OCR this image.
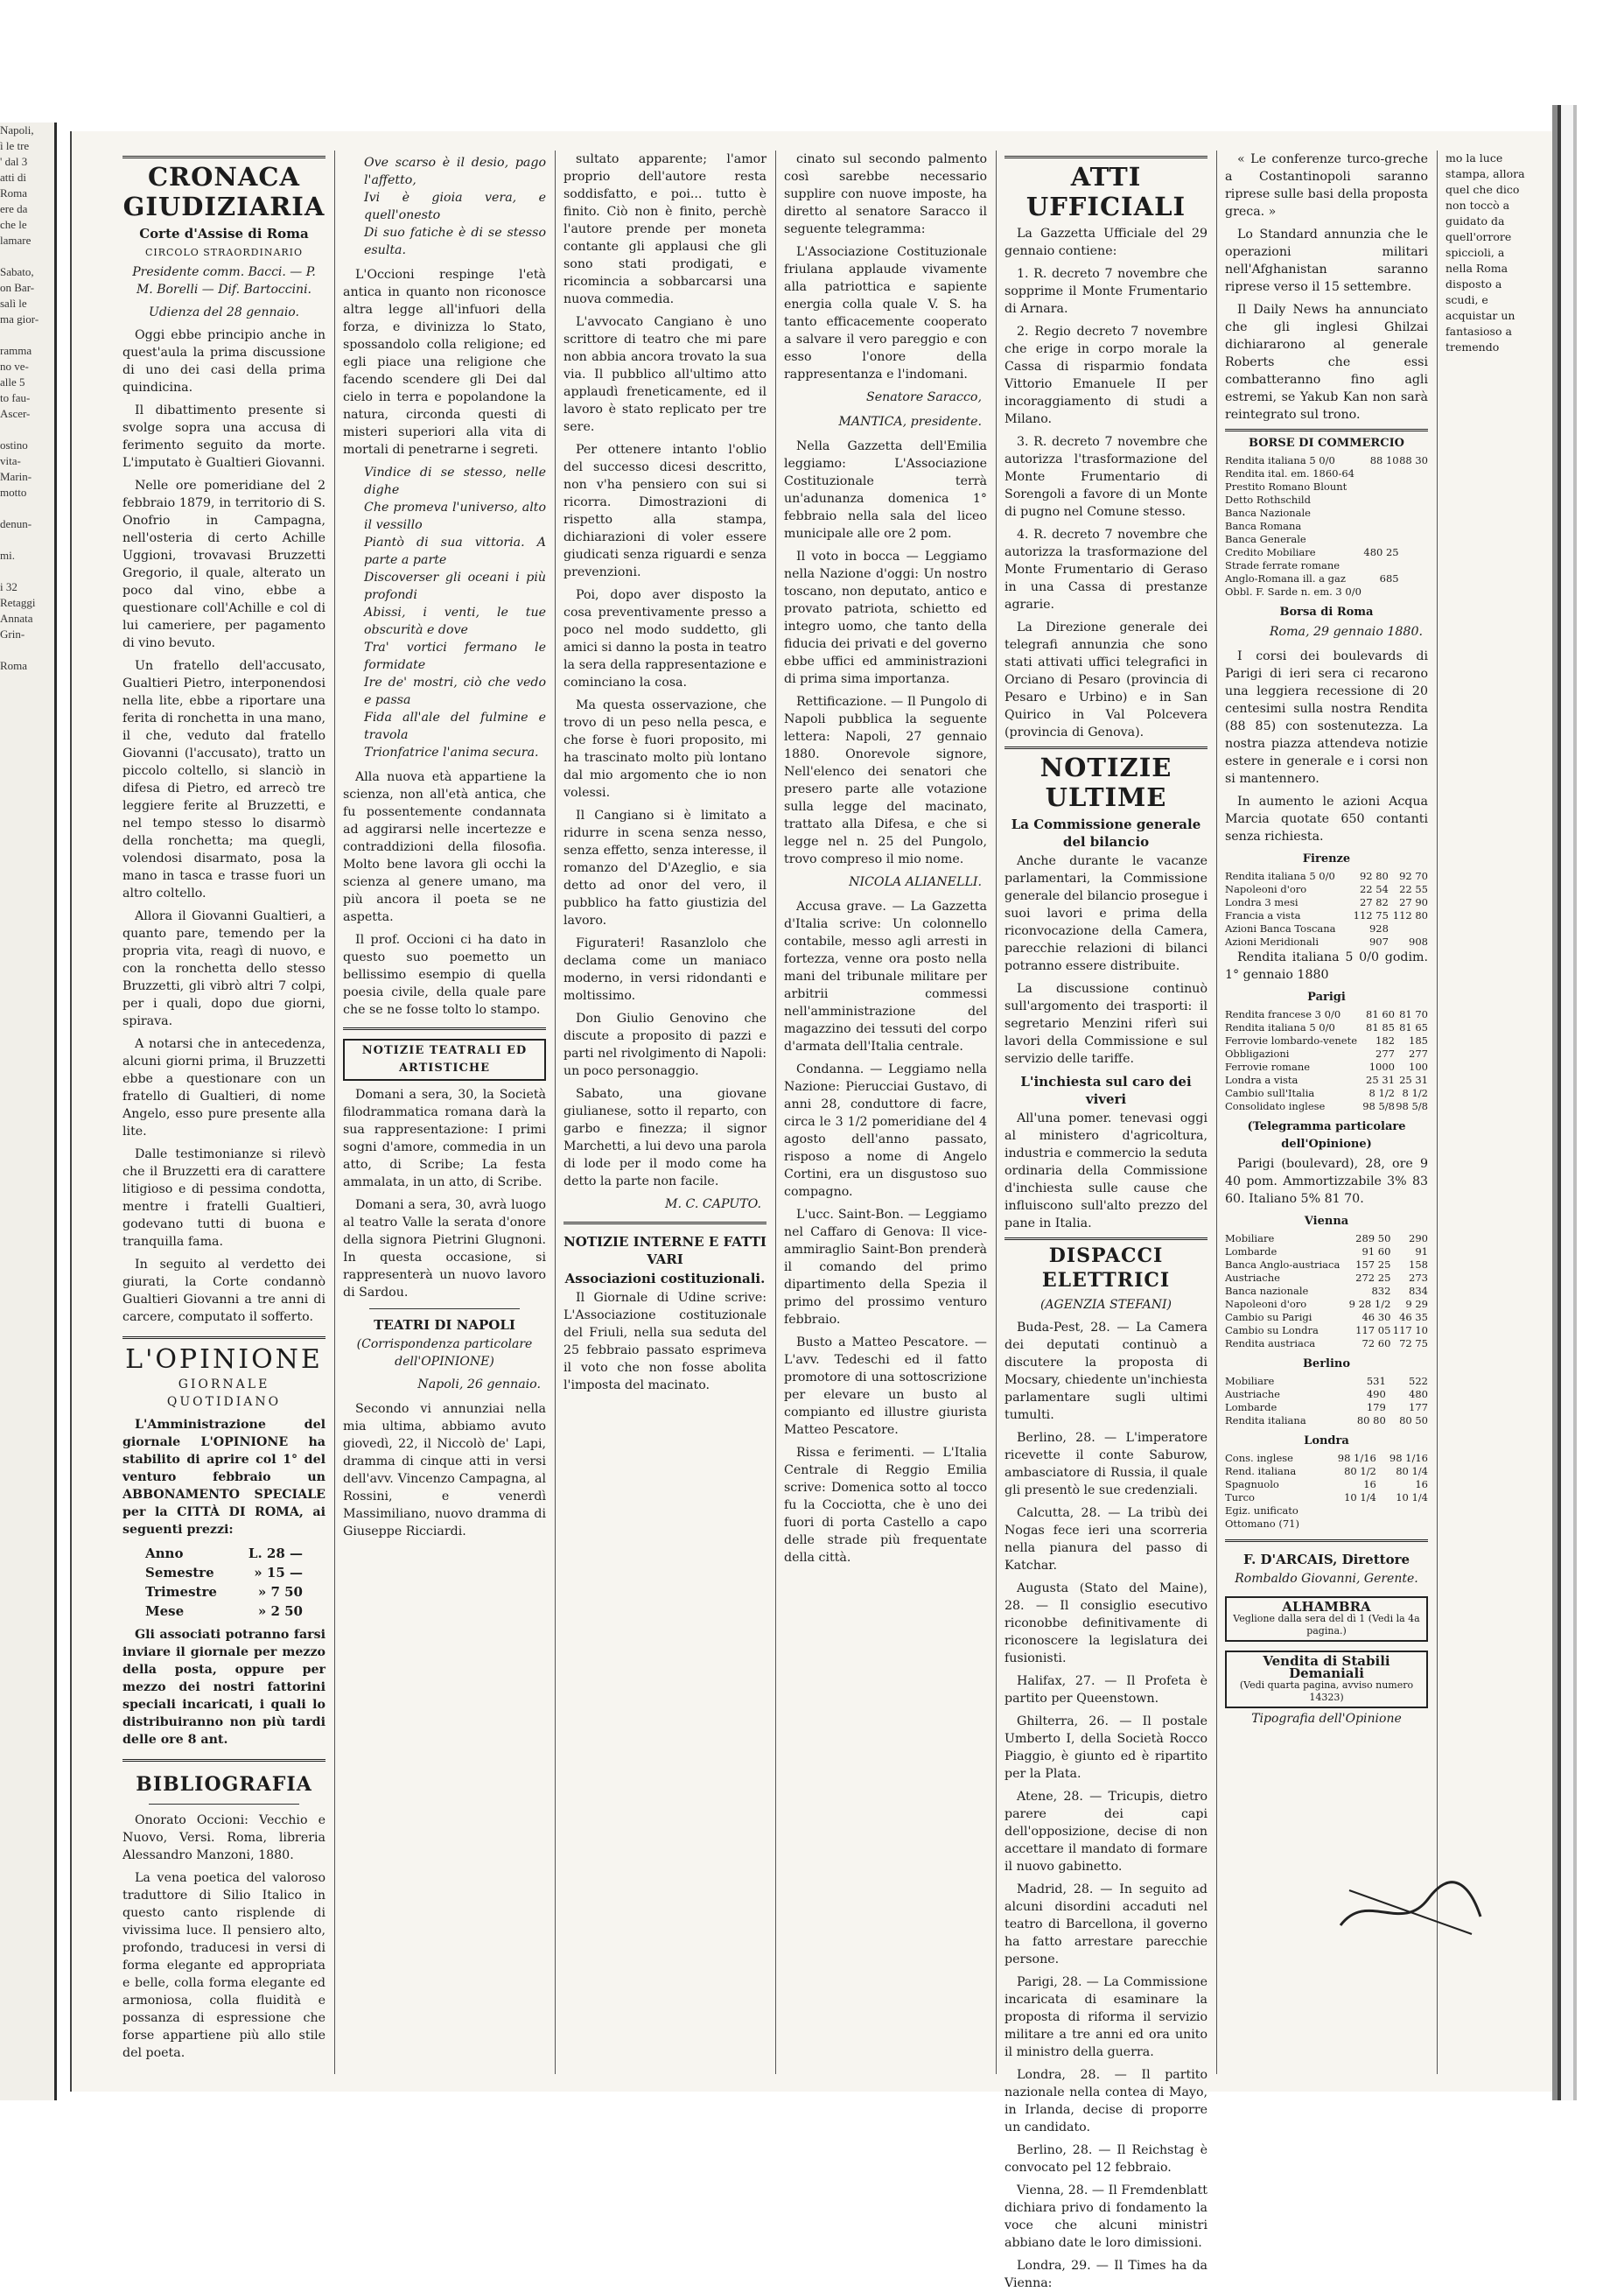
Napoli,
ì le tre
' dal 3
atti di
Roma
ere da
che le
lamare

Sabato,
on Bar-
salì le
ma gior-

ramma
no ve-
alle 5
to fau-
Ascer-

ostino
vita-
Marin-
motto

denun-

mi.

i 32
Retaggi
Annata
Grin-

Roma
CRONACA GIUDIZIARIA
Corte d'Assise di Roma
CIRCOLO STRAORDINARIO
Presidente comm. Bacci. — P. M. Borelli — Dif. Bartoccini.
Udienza del 28 gennaio.

Oggi ebbe principio anche in quest'aula la prima discussione di uno dei casi della prima quindicina.

Il dibattimento presente si svolge sopra una accusa di ferimento seguito da morte. L'imputato è Gualtieri Giovanni.

Nelle ore pomeridiane del 2 febbraio 1879, in territorio di S. Onofrio in Campagna, nell'osteria di certo Achille Uggioni, trovavasi Bruzzetti Gregorio, il quale, alterato un poco dal vino, ebbe a questionare coll'Achille e col di lui cameriere, per pagamento di vino bevuto.

Un fratello dell'accusato, Gualtieri Pietro, interponendosi nella lite, ebbe a riportare una ferita di ronchetta in una mano, il che, veduto dal fratello Giovanni (l'accusato), tratto un piccolo coltello, si slanciò in difesa di Pietro, ed arrecò tre leggiere ferite al Bruzzetti, e nel tempo stesso lo disarmò della ronchetta; ma quegli, volendosi disarmato, posa la mano in tasca e trasse fuori un altro coltello.

Allora il Giovanni Gualtieri, a quanto pare, temendo per la propria vita, reagì di nuovo, e con la ronchetta dello stesso Bruzzetti, gli vibrò altri 7 colpi, per i quali, dopo due giorni, spirava.

A notarsi che in antecedenza, alcuni giorni prima, il Bruzzetti ebbe a questionare con un fratello di Gualtieri, di nome Angelo, esso pure presente alla lite.

Dalle testimonianze si rilevò che il Bruzzetti era di carattere litigioso e di pessima condotta, mentre i fratelli Gualtieri, godevano tutti di buona e tranquilla fama.

In seguito al verdetto dei giurati, la Corte condannò Gualtieri Giovanni a tre anni di carcere, computato il sofferto.

L'OPINIONE
GIORNALE QUOTIDIANO

L'Amministrazione del giornale L'OPINIONE ha stabilito di aprire col 1° del venturo febbraio un ABBONAMENTO SPECIALE per la CITTÀ DI ROMA, ai seguenti prezzi:

Anno	L. 28 —
Semestre	» 15 —
Trimestre	» 7 50
Mese	» 2 50

Gli associati potranno farsi inviare il giornale per mezzo della posta, oppure per mezzo dei nostri fattorini speciali incaricati, i quali lo distribuiranno non più tardi delle ore 8 ant.

BIBLIOGRAFIA

Onorato Occioni: Vecchio e Nuovo, Versi. Roma, libreria Alessandro Manzoni, 1880.

La vena poetica del valoroso traduttore di Silio Italico in questo canto risplende di vivissima luce. Il pensiero alto, profondo, traducesi in versi di forma elegante ed appropriata e belle, colla forma elegante ed armoniosa, colla fluidità e possanza di espressione che forse appartiene più allo stile del poeta.

Ove scarso è il desio, pago l'affetto,
Ivi è gioia vera, e quell'onesto
Di suo fatiche è di se stesso esulta.

L'Occioni respinge l'età antica in quanto non riconosce altra legge all'infuori della forza, e divinizza lo Stato, spossandolo colla religione; ed egli piace una religione che facendo scendere gli Dei dal cielo in terra e popolandone la natura, circonda questi di misteri superiori alla vita di mortali di penetrarne i segreti.

Vindice di se stesso, nelle dighe
Che promeva l'universo, alto il vessillo
Piantò di sua vittoria. A parte a parte
Discoverser gli oceani i più profondi
Abissi, i venti, le tue obscurità e dove
Tra' vortici fermano le formidate
Ire de' mostri, ciò che vedo e passa
Fida all'ale del fulmine e travola
Trionfatrice l'anima secura.

Alla nuova età appartiene la scienza, non all'età antica, che fu possentemente condannata ad aggirarsi nelle incertezze e contraddizioni della filosofia. Molto bene lavora gli occhi la scienza al genere umano, ma più ancora il poeta se ne aspetta.

Il prof. Occioni ci ha dato in questo suo poemetto un bellissimo esempio di quella poesia civile, della quale pare che se ne fosse tolto lo stampo.

NOTIZIE TEATRALI ED ARTISTICHE

Domani a sera, 30, la Società filodrammatica romana darà la sua rappresentazione: I primi sogni d'amore, commedia in un atto, di Scribe; La festa ammalata, in un atto, di Scribe.

Domani a sera, 30, avrà luogo al teatro Valle la serata d'onore della signora Pietrini Glugnoni. In questa occasione, si rappresenterà un nuovo lavoro di Sardou.

TEATRI DI NAPOLI
(Corrispondenza particolare dell'OPINIONE)
Napoli, 26 gennaio.

Secondo vi annunziai nella mia ultima, abbiamo avuto giovedì, 22, il Niccolò de' Lapi, dramma di cinque atti in versi dell'avv. Vincenzo Campagna, al Rossini, e venerdì Massimiliano, nuovo dramma di Giuseppe Ricciardi.

sultato apparente; l'amor proprio dell'autore resta soddisfatto, e poi... tutto è finito. Ciò non è finito, perchè l'autore prende per moneta contante gli applausi che gli sono stati prodigati, e ricomincia a sobbarcarsi una nuova commedia.

L'avvocato Cangiano è uno scrittore di teatro che mi pare non abbia ancora trovato la sua via. Il pubblico all'ultimo atto applaudì freneticamente, ed il lavoro è stato replicato per tre sere.

Per ottenere intanto l'oblio del successo dicesi descritto, non v'ha pensiero con sui si ricorra. Dimostrazioni di rispetto alla stampa, dichiarazioni di voler essere giudicati senza riguardi e senza prevenzioni.

Poi, dopo aver disposto la cosa preventivamente presso a poco nel modo suddetto, gli amici si danno la posta in teatro la sera della rappresentazione e cominciano la cosa.

Ma questa osservazione, che trovo di un peso nella pesca, e che forse è fuori proposito, mi ha trascinato molto più lontano dal mio argomento che io non volessi.

Il Cangiano si è limitato a ridurre in scena senza nesso, senza effetto, senza interesse, il romanzo del D'Azeglio, e sia detto ad onor del vero, il pubblico ha fatto giustizia del lavoro.

Figurateri! Rasanzlolo che declama come un maniaco moderno, in versi ridondanti e moltissimo.

Don Giulio Genovino che discute a proposito di pazzi e parti nel rivolgimento di Napoli: un poco personaggio.

Sabato, una giovane giulianese, sotto il reparto, con garbo e finezza; il signor Marchetti, a lui devo una parola di lode per il modo come ha detto la parte non facile.

M. C. CAPUTO.
NOTIZIE INTERNE E FATTI VARI
Associazioni costituzionali.

Il Giornale di Udine scrive: L'Associazione costituzionale del Friuli, nella sua seduta del 25 febbraio passato esprimeva il voto che non fosse abolita l'imposta del macinato.

cinato sul secondo palmento così sarebbe necessario supplire con nuove imposte, ha diretto al senatore Saracco il seguente telegramma:

L'Associazione Costituzionale friulana applaude vivamente alla patriottica e sapiente energia colla quale V. S. ha tanto efficacemente cooperato a salvare il vero pareggio e con esso l'onore della rappresentanza e l'indomani.

Senatore Saracco,
MANTICA, presidente.

Nella Gazzetta dell'Emilia leggiamo: L'Associazione Costituzionale terrà un'adunanza domenica 1° febbraio nella sala del liceo municipale alle ore 2 pom.

Il voto in bocca — Leggiamo nella Nazione d'oggi: Un nostro toscano, non deputato, antico e provato patriota, schietto ed integro uomo, che tanto della fiducia dei privati e del governo ebbe uffici ed amministrazioni di prima sima importanza.

Rettificazione. — Il Pungolo di Napoli pubblica la seguente lettera: Napoli, 27 gennaio 1880. Onorevole signore, Nell'elenco dei senatori che presero parte alle votazione sulla legge del macinato, trattato alla Difesa, e che si legge nel n. 25 del Pungolo, trovo compreso il mio nome.

NICOLA ALIANELLI.

Accusa grave. — La Gazzetta d'Italia scrive: Un colonnello contabile, messo agli arresti in fortezza, venne ora posto nella mani del tribunale militare per arbitrii commessi nell'amministrazione del magazzino dei tessuti del corpo d'armata dell'Italia centrale.

Condanna. — Leggiamo nella Nazione: Pierucciai Gustavo, di anni 28, conduttore di facre, circa le 3 1/2 pomeridiane del 4 agosto dell'anno passato, risposo a nome di Angelo Cortini, era un disgustoso suo compagno.

L'ucc. Saint-Bon. — Leggiamo nel Caffaro di Genova: Il vice-ammiraglio Saint-Bon prenderà il comando del primo dipartimento della Spezia il primo del prossimo venturo febbraio.

Busto a Matteo Pescatore. — L'avv. Tedeschi ed il fatto promotore di una sottoscrizione per elevare un busto al compianto ed illustre giurista Matteo Pescatore.

Rissa e ferimenti. — L'Italia Centrale di Reggio Emilia scrive: Domenica sotto al tocco fu la Cocciotta, che è uno dei fuori di porta Castello a capo delle strade più frequentate della città.

ATTI UFFICIALI

La Gazzetta Ufficiale del 29 gennaio contiene:

1. R. decreto 7 novembre che sopprime il Monte Frumentario di Arnara.

2. Regio decreto 7 novembre che erige in corpo morale la Cassa di risparmio fondata Vittorio Emanuele II per incoraggiamento di studi a Milano.

3. R. decreto 7 novembre che autorizza l'trasformazione del Monte Frumentario di Sorengoli a favore di un Monte di pugno nel Comune stesso.

4. R. decreto 7 novembre che autorizza la trasformazione del Monte Frumentario di Geraso in una Cassa di prestanze agrarie.

La Direzione generale dei telegrafi annunzia che sono stati attivati uffici telegrafici in Orciano di Pesaro (provincia di Pesaro e Urbino) e in San Quirico in Val Polcevera (provincia di Genova).

NOTIZIE ULTIME
La Commissione generale del bilancio

Anche durante le vacanze parlamentari, la Commissione generale del bilancio prosegue i suoi lavori e prima della riconvocazione della Camera, parecchie relazioni di bilanci potranno essere distribuite.

La discussione continuò sull'argomento dei trasporti: il segretario Menzini riferì sui lavori della Commissione e sul servizio delle tariffe.

L'inchiesta sul caro dei viveri

All'una pomer. tenevasi oggi al ministero d'agricoltura, industria e commercio la seduta ordinaria della Commissione d'inchiesta sulle cause che influiscono sull'alto prezzo del pane in Italia.

DISPACCI ELETTRICI
(AGENZIA STEFANI)

Buda-Pest, 28. — La Camera dei deputati continuò a discutere la proposta di Mocsary, chiedente un'inchiesta parlamentare sugli ultimi tumulti.

Berlino, 28. — L'imperatore ricevette il conte Saburow, ambasciatore di Russia, il quale gli presentò le sue credenziali.

Calcutta, 28. — La tribù dei Nogas fece ieri una scorreria nella pianura del passo di Katchar.

Augusta (Stato del Maine), 28. — Il consiglio esecutivo riconobbe definitivamente di riconoscere la legislatura dei fusionisti.

Halifax, 27. — Il Profeta è partito per Queenstown.

Ghilterra, 26. — Il postale Umberto I, della Società Rocco Piaggio, è giunto ed è ripartito per la Plata.

Atene, 28. — Tricupis, dietro parere dei capi dell'opposizione, decise di non accettare il mandato di formare il nuovo gabinetto.

Madrid, 28. — In seguito ad alcuni disordini accaduti nel teatro di Barcellona, il governo ha fatto arrestare parecchie persone.

Parigi, 28. — La Commissione incaricata di esaminare la proposta di riforma il servizio militare a tre anni ed ora unito il ministro della guerra.

Londra, 28. — Il partito nazionale nella contea di Mayo, in Irlanda, decise di proporre un candidato.

Berlino, 28. — Il Reichstag è convocato pel 12 febbraio.

Vienna, 28. — Il Fremdenblatt dichiara privo di fondamento la voce che alcuni ministri abbiano date le loro dimissioni.

Londra, 29. — Il Times ha da Vienna:

« Le conferenze turco-greche a Costantinopoli saranno riprese sulle basi della proposta greca. »

Lo Standard annunzia che le operazioni militari nell'Afghanistan saranno riprese verso il 15 settembre.

Il Daily News ha annunciato che gli inglesi Ghilzai dichiararono al generale Roberts che essi combatteranno fino agli estremi, se Yakub Kan non sarà reintegrato sul trono.

BORSE DI COMMERCIO
Rendita italiana 5 0/0	88 10	88 30
Rendita ital. em. 1860-64		
Prestito Romano Blount		
Detto Rothschild		
Banca Nazionale		
Banca Romana		
Banca Generale		
Credito Mobiliare	480 25	
Strade ferrate romane		
Anglo-Romana ill. a gaz	685	
Obbl. F. Sarde n. em. 3 0/0		
Borsa di Roma
Roma, 29 gennaio 1880.

I corsi dei boulevards di Parigi di ieri sera ci recarono una leggiera recessione di 20 centesimi sulla nostra Rendita (88 85) con sostenutezza. La nostra piazza attendeva notizie estere in generale e i corsi non si mantennero.

In aumento le azioni Acqua Marcia quotate 650 contanti senza richiesta.

Firenze
Rendita italiana 5 0/0	92 80	92 70
Napoleoni d'oro	22 54	22 55
Londra 3 mesi	27 82	27 90
Francia a vista	112 75	112 80
Azioni Banca Toscana	928	
Azioni Meridionali	907	908

Rendita italiana 5 0/0 godim. 1° gennaio 1880

Parigi
Rendita francese 3 0/0	81 60	81 70
Rendita italiana 5 0/0	81 85	81 65
Ferrovie lombardo-venete	182	185
Obbligazioni	277	277
Ferrovie romane	1000	100
Londra a vista	25 31	25 31
Cambio sull'Italia	8 1/2	8 1/2
Consolidato inglese	98 5/8	98 5/8
(Telegramma particolare dell'Opinione)

Parigi (boulevard), 28, ore 9 40 pom. Ammortizzabile 3% 83 60. Italiano 5% 81 70.

Vienna
Mobiliare	289 50	290
Lombarde	91 60	91
Banca Anglo-austriaca	157 25	158
Austriache	272 25	273
Banca nazionale	832	834
Napoleoni d'oro	9 28 1/2	9 29
Cambio su Parigi	46 30	46 35
Cambio su Londra	117 05	117 10
Rendita austriaca	72 60	72 75
Berlino
Mobiliare	531	522
Austriache	490	480
Lombarde	179	177
Rendita italiana	80 80	80 50
Londra
Cons. inglese	98 1/16	98 1/16
Rend. italiana	80 1/2	80 1/4
Spagnuolo	16	16
Turco	10 1/4	10 1/4
Egiz. unificato		
Ottomano (71)		
F. D'ARCAIS, Direttore
Rombaldo Giovanni, Gerente.
ALHAMBRA
Veglione dalla sera del dì 1 (Vedi la 4a pagina.)
Vendita di Stabili Demaniali
(Vedi quarta pagina, avviso numero 14323)
Tipografia dell'Opinione
mo la luce
stampa, allora
quel che dico
non toccò a
guidato da
quell'orrore
spiccioli, a
nella Roma
disposto a
scudi, e
acquistar un
fantasioso a
tremendo
